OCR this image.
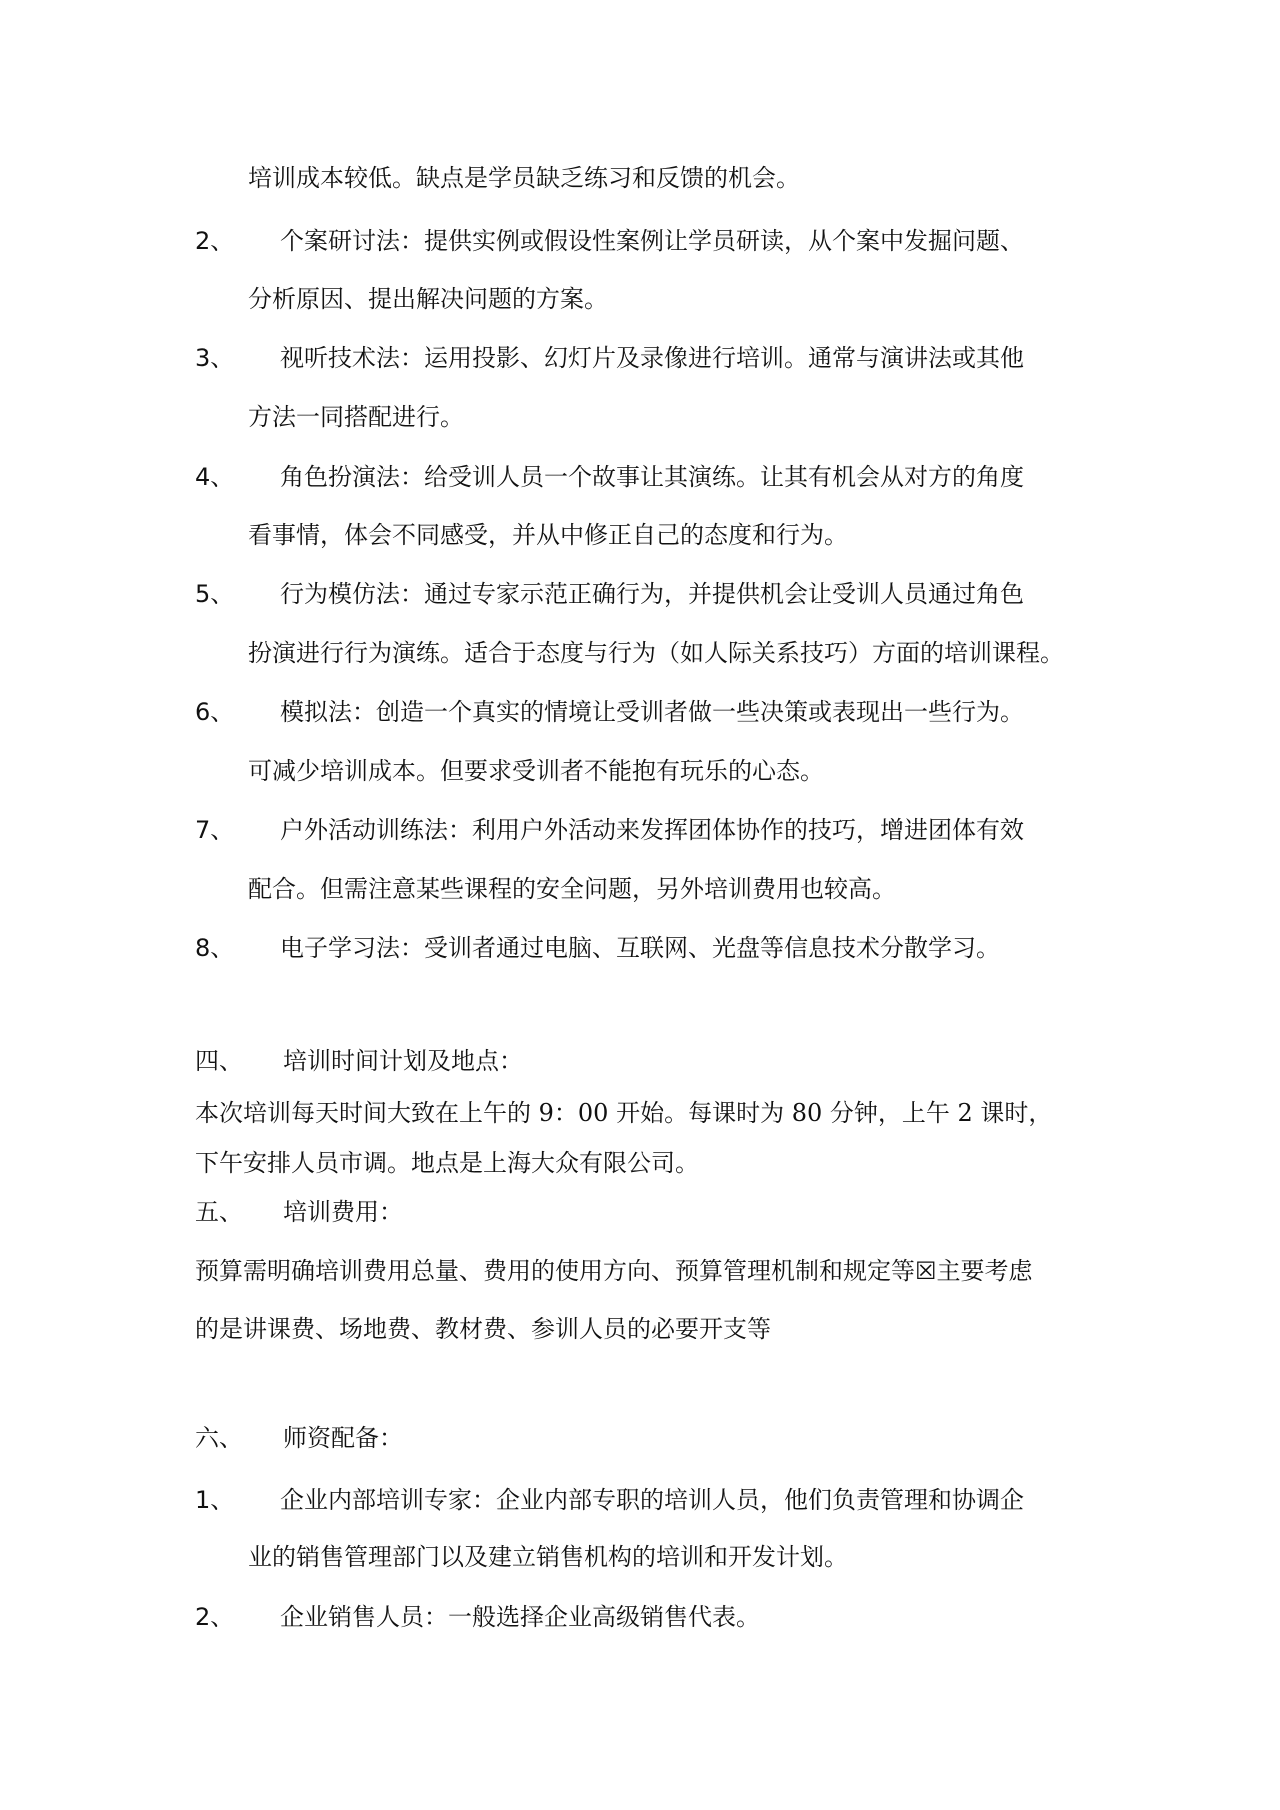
培训成本较低。缺点是学员缺乏练习和反馈的机会。
2、 个案研讨法：提供实例或假设性案例让学员研读，从个案中发掘问题、
分析原因、提出解决问题的方案。
3、 视听技术法：运用投影、幻灯片及录像进行培训。通常与演讲法或其他
方法一同搭配进行。
4、 角色扮演法：给受训人员一个故事让其演练。让其有机会从对方的角度
看事情，体会不同感受，并从中修正自己的态度和行为。
5、 行为模仿法：通过专家示范正确行为，并提供机会让受训人员通过角色
扮演进行行为演练。适合于态度与行为（如人际关系技巧）方面的培训课程。
6、 模拟法：创造一个真实的情境让受训者做一些决策或表现出一些行为。
可减少培训成本。但要求受训者不能抱有玩乐的心态。
7、 户外活动训练法：利用户外活动来发挥团体协作的技巧，增进团体有效
配合。但需注意某些课程的安全问题，另外培训费用也较高。
8、 电子学习法：受训者通过电脑、互联网、光盘等信息技术分散学习。
四、 培训时间计划及地点：
本次培训每天时间大致在上午的 9：00 开始。每课时为 80 分钟，上午 2 课时，
下午安排人员市调。地点是上海大众有限公司。
五、 培训费用：
预算需明确培训费用总量、费用的使用方向、预算管理机制和规定等☒主要考虑
的是讲课费、场地费、教材费、参训人员的必要开支等
六、 师资配备：
1、 企业内部培训专家：企业内部专职的培训人员，他们负责管理和协调企
业的销售管理部门以及建立销售机构的培训和开发计划。
2、 企业销售人员：一般选择企业高级销售代表。
